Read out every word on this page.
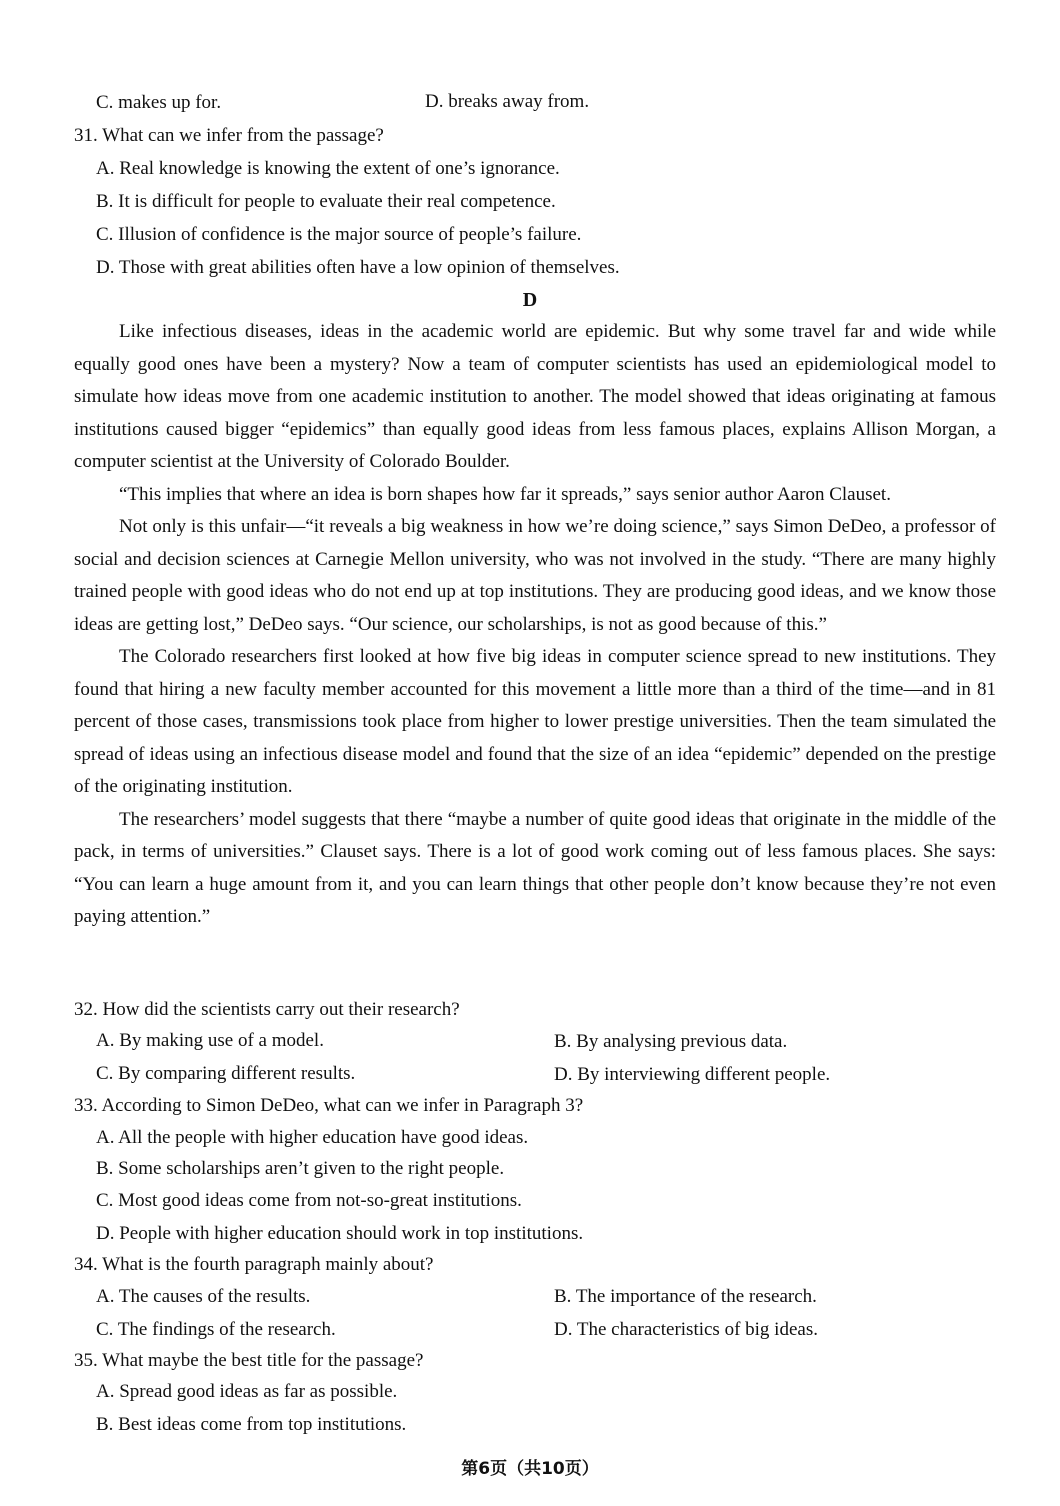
C. makes up for.	D. breaks away from.
31. What can we infer from the passage?
A. Real knowledge is knowing the extent of one’s ignorance.
B. It is difficult for people to evaluate their real competence.
C. Illusion of confidence is the major source of people’s failure.
D. Those with great abilities often have a low opinion of themselves.
D

Like infectious diseases, ideas in the academic world are epidemic. But why some travel far and wide while equally good ones have been a mystery? Now a team of computer scientists has used an epidemiological model to simulate how ideas move from one academic institution to another. The model showed that ideas originating at famous institutions caused bigger “epidemics” than equally good ideas from less famous places, explains Allison Morgan, a computer scientist at the University of Colorado Boulder.

“This implies that where an idea is born shapes how far it spreads,” says senior author Aaron Clauset.

Not only is this unfair—“it reveals a big weakness in how we’re doing science,” says Simon DeDeo, a professor of social and decision sciences at Carnegie Mellon university, who was not involved in the study. “There are many highly trained people with good ideas who do not end up at top institutions. They are producing good ideas, and we know those ideas are getting lost,” DeDeo says. “Our science, our scholarships, is not as good because of this.”

The Colorado researchers first looked at how five big ideas in computer science spread to new institutions. They found that hiring a new faculty member accounted for this movement a little more than a third of the time—and in 81 percent of those cases, transmissions took place from higher to lower prestige universities. Then the team simulated the spread of ideas using an infectious disease model and found that the size of an idea “epidemic” depended on the prestige of the originating institution.

The researchers’ model suggests that there “maybe a number of quite good ideas that originate in the middle of the pack, in terms of universities.” Clauset says. There is a lot of good work coming out of less famous places. She says: “You can learn a huge amount from it, and you can learn things that other people don’t know because they’re not even paying attention.”

32. How did the scientists carry out their research?
A. By making use of a model.	B. By analysing previous data.
C. By comparing different results.	D. By interviewing different people.
33. According to Simon DeDeo, what can we infer in Paragraph 3?
A. All the people with higher education have good ideas.
B. Some scholarships aren’t given to the right people.
C. Most good ideas come from not-so-great institutions.
D. People with higher education should work in top institutions.
34. What is the fourth paragraph mainly about?
A. The causes of the results.	B. The importance of the research.
C. The findings of the research.	D. The characteristics of big ideas.
35. What maybe the best title for the passage?
A. Spread good ideas as far as possible.
B. Best ideas come from top institutions.
第6页（共10页）
